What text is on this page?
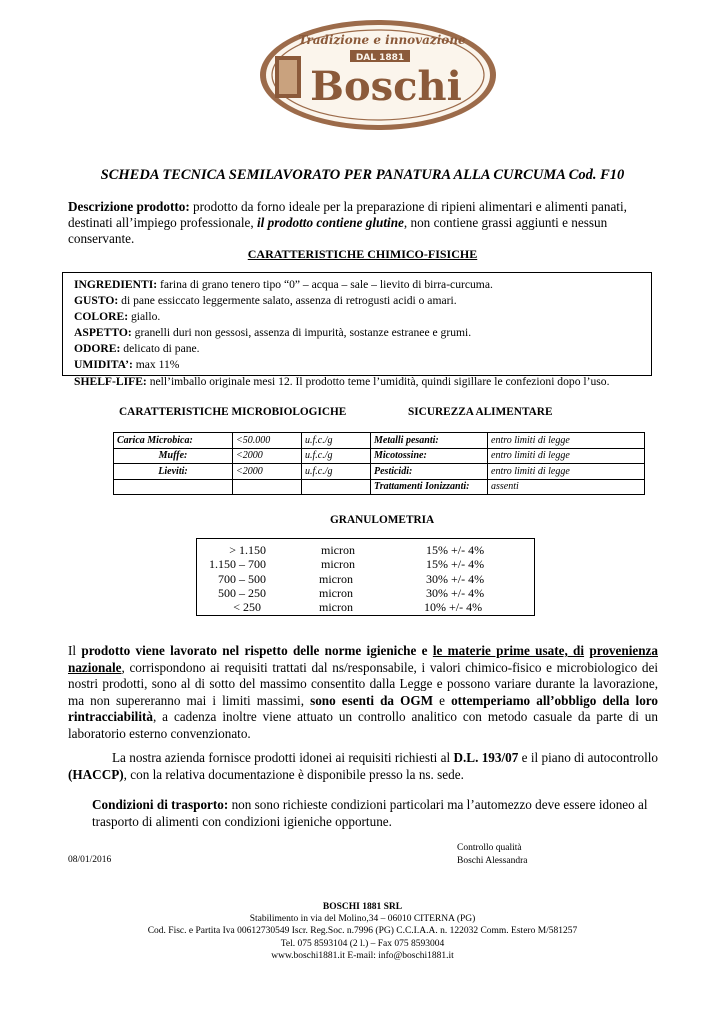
Tradizione e innovazione
DAL 1881
Boschi
SCHEDA TECNICA SEMILAVORATO PER PANATURA ALLA CURCUMA Cod. F10
Descrizione prodotto: prodotto da forno ideale per la preparazione di ripieni alimentari e alimenti panati, destinati all’impiego professionale, il prodotto contiene glutine, non contiene grassi aggiunti e nessun conservante.
CARATTERISTICHE CHIMICO-FISICHE
INGREDIENTI: farina di grano tenero tipo “0” – acqua – sale – lievito di birra-curcuma.
GUSTO: di pane essiccato leggermente salato, assenza di retrogusti acidi o amari.
COLORE: giallo.
ASPETTO: granelli duri non gessosi, assenza di impurità, sostanze estranee e grumi.
ODORE: delicato di pane.
UMIDITA’: max 11%
SHELF-LIFE: nell’imballo originale mesi 12. Il prodotto teme l’umidità, quindi sigillare le confezioni dopo l’uso.
CARATTERISTICHE MICROBIOLOGICHE	SICUREZZA ALIMENTARE
Carica Microbica:	<50.000	u.f.c./g	Metalli pesanti:	entro limiti di legge
Muffe:	<2000	u.f.c./g	Micotossine:	entro limiti di legge
Lieviti:	<2000	u.f.c./g	Pesticidi:	entro limiti di legge
			Trattamenti Ionizzanti:	assenti
GRANULOMETRIA
> 1.150	micron	15% +/- 4%
1.150 – 700	micron	15% +/- 4%
700 – 500	micron	30% +/- 4%
500 – 250	micron	30% +/- 4%
< 250	micron	10% +/- 4%
Il prodotto viene lavorato nel rispetto delle norme igieniche e le materie prime usate, di provenienza nazionale, corrispondono ai requisiti trattati dal ns/responsabile, i valori chimico-fisico e microbiologico dei nostri prodotti, sono al di sotto del massimo consentito dalla Legge e possono variare durante la lavorazione, ma non supereranno mai i limiti massimi, sono esenti da OGM e ottemperiamo all’obbligo della loro rintracciabilità, a cadenza inoltre viene attuato un controllo analitico con metodo casuale da parte di un laboratorio esterno convenzionato.
La nostra azienda fornisce prodotti idonei ai requisiti richiesti al D.L. 193/07 e il piano di autocontrollo (HACCP), con la relativa documentazione è disponibile presso la ns. sede.
Condizioni di trasporto: non sono richieste condizioni particolari ma l’automezzo deve essere idoneo al trasporto di alimenti con condizioni igieniche opportune.
Controllo qualità
Boschi Alessandra
08/01/2016
BOSCHI 1881 SRL
Stabilimento in via del Molino,34 – 06010 CITERNA (PG)
Cod. Fisc. e Partita Iva 00612730549 Iscr. Reg.Soc. n.7996 (PG) C.C.I.A.A. n. 122032 Comm. Estero M/581257
Tel. 075 8593104 (2 l.) – Fax 075 8593004
www.boschi1881.it E-mail: info@boschi1881.it
